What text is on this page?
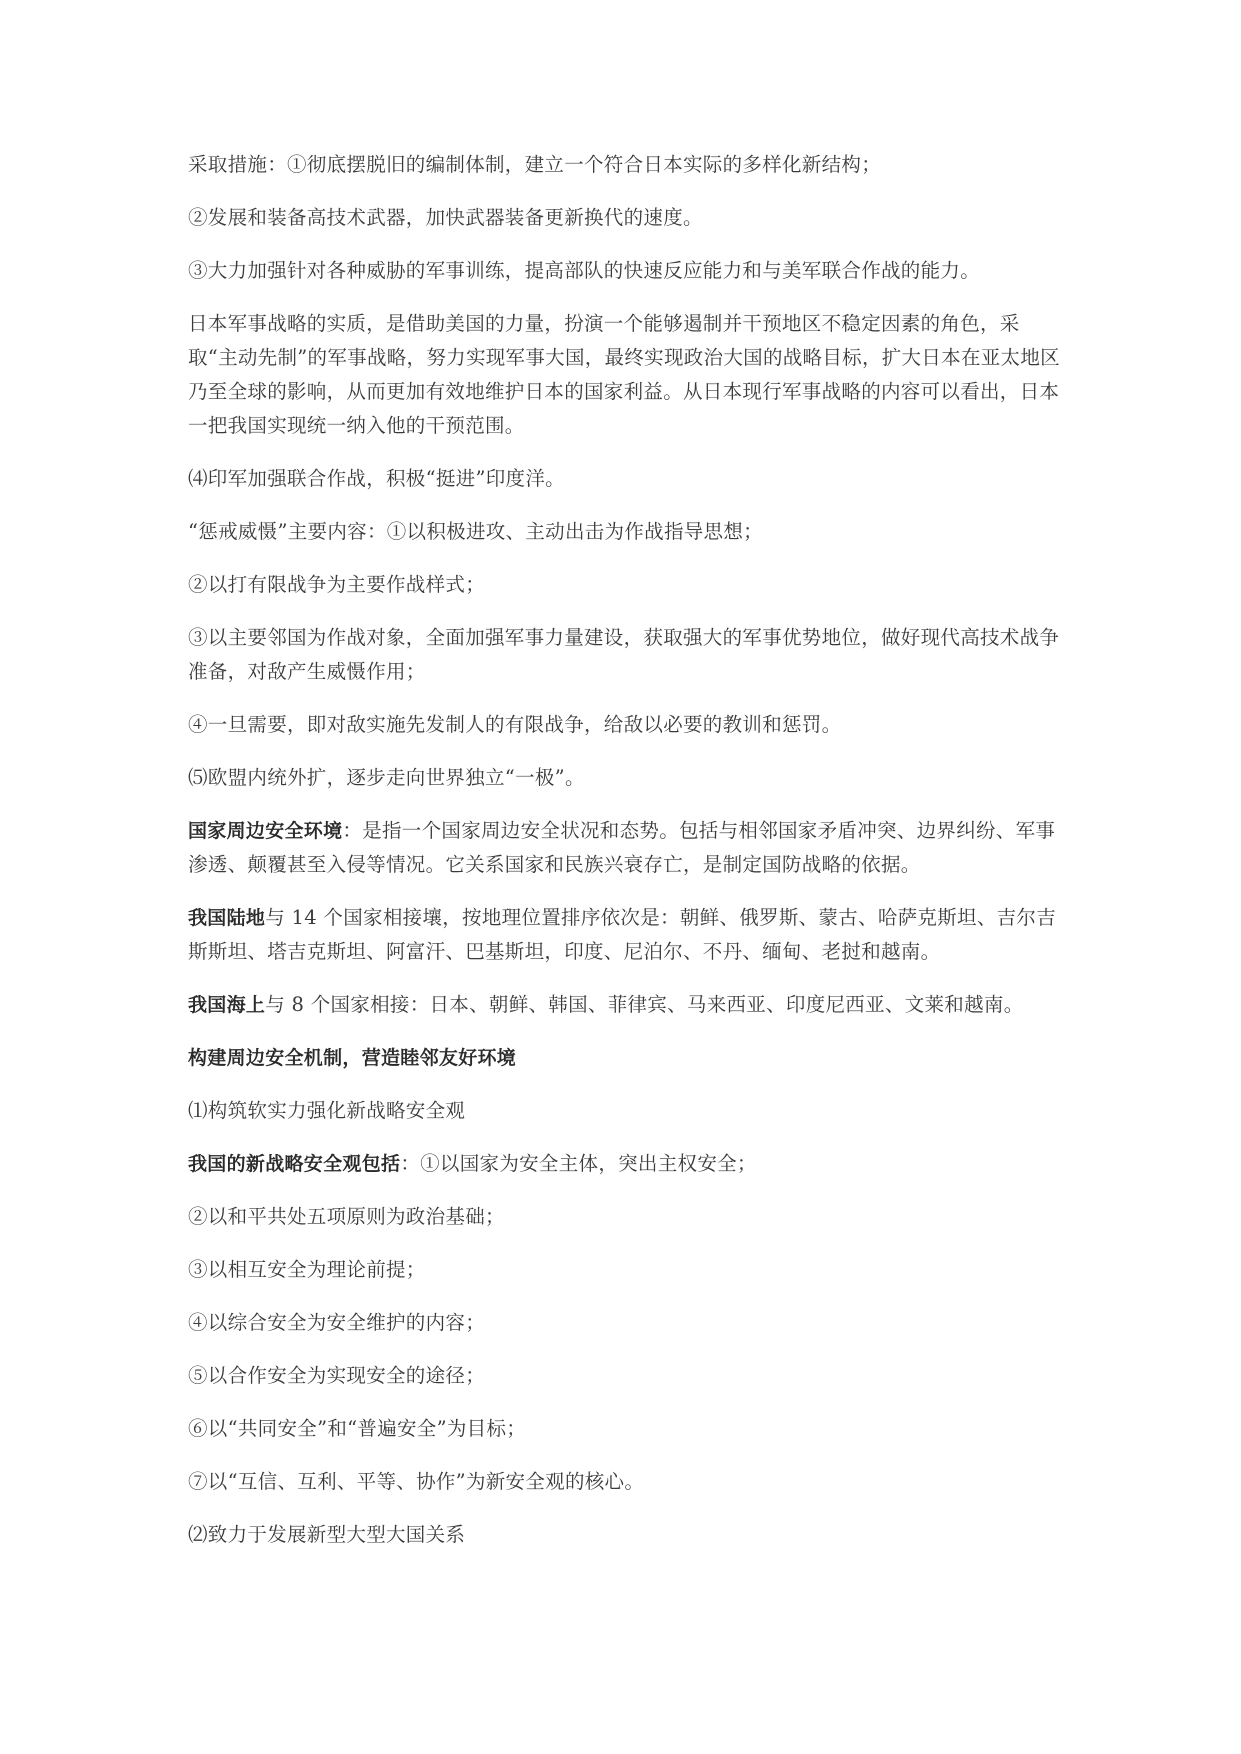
采取措施：①彻底摆脱旧的编制体制，建立一个符合日本实际的多样化新结构；

②发展和装备高技术武器，加快武器装备更新换代的速度。

③大力加强针对各种威胁的军事训练，提高部队的快速反应能力和与美军联合作战的能力。

日本军事战略的实质，是借助美国的力量，扮演一个能够遏制并干预地区不稳定因素的角色，采取“主动先制”的军事战略，努力实现军事大国，最终实现政治大国的战略目标，扩大日本在亚太地区乃至全球的影响，从而更加有效地维护日本的国家利益。从日本现行军事战略的内容可以看出，日本一把我国实现统一纳入他的干预范围。

⑷印军加强联合作战，积极“挺进”印度洋。

“惩戒威慑”主要内容：①以积极进攻、主动出击为作战指导思想；

②以打有限战争为主要作战样式；

③以主要邻国为作战对象，全面加强军事力量建设，获取强大的军事优势地位，做好现代高技术战争准备，对敌产生威慑作用；

④一旦需要，即对敌实施先发制人的有限战争，给敌以必要的教训和惩罚。

⑸欧盟内统外扩，逐步走向世界独立“一极”。

国家周边安全环境：是指一个国家周边安全状况和态势。包括与相邻国家矛盾冲突、边界纠纷、军事渗透、颠覆甚至入侵等情况。它关系国家和民族兴衰存亡，是制定国防战略的依据。

我国陆地与 14 个国家相接壤，按地理位置排序依次是：朝鲜、俄罗斯、蒙古、哈萨克斯坦、吉尔吉斯斯坦、塔吉克斯坦、阿富汗、巴基斯坦，印度、尼泊尔、不丹、缅甸、老挝和越南。

我国海上与 8 个国家相接：日本、朝鲜、韩国、菲律宾、马来西亚、印度尼西亚、文莱和越南。

构建周边安全机制，营造睦邻友好环境

⑴构筑软实力强化新战略安全观

我国的新战略安全观包括：①以国家为安全主体，突出主权安全；

②以和平共处五项原则为政治基础；

③以相互安全为理论前提；

④以综合安全为安全维护的内容；

⑤以合作安全为实现安全的途径；

⑥以“共同安全”和“普遍安全”为目标；

⑦以“互信、互利、平等、协作”为新安全观的核心。

⑵致力于发展新型大型大国关系
